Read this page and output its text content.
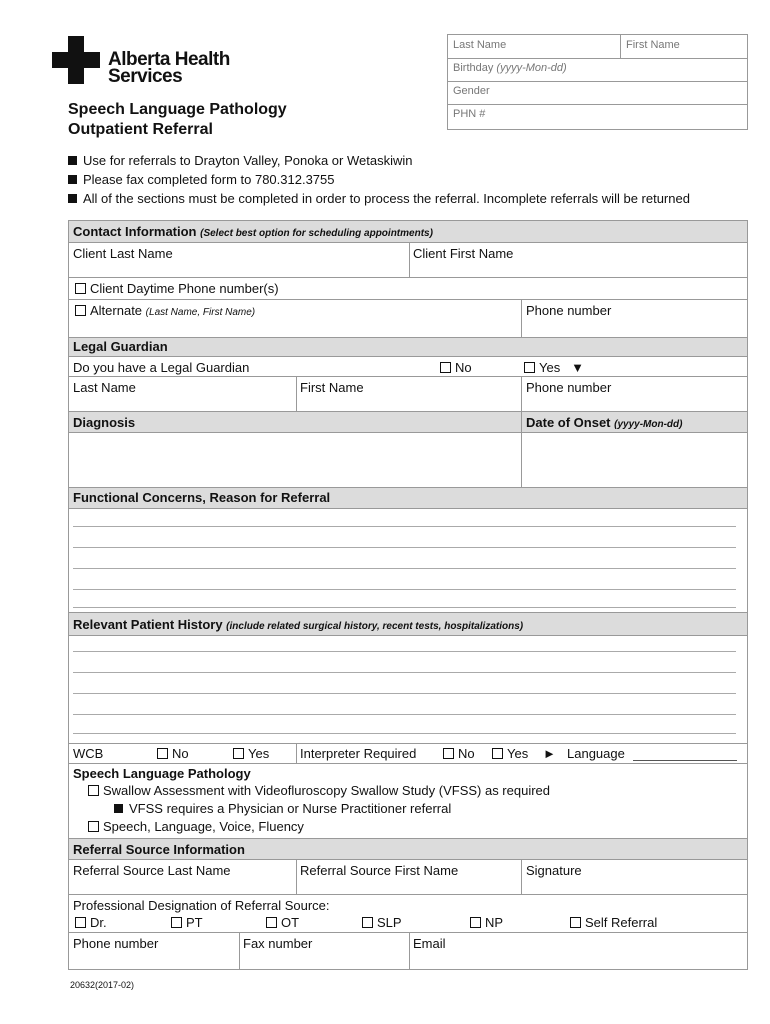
Alberta Health
Services
Speech Language Pathology
Outpatient Referral
Last Name	First Name
Birthday (yyyy-Mon-dd)
Gender
PHN #
Use for referrals to Drayton Valley, Ponoka or Wetaskiwin
Please fax completed form to 780.312.3755
All of the sections must be completed in order to process the referral. Incomplete referrals will be returned
Contact Information (Select best option for scheduling appointments)
Client Last Name	Client First Name
Client Daytime Phone number(s)
Alternate (Last Name, First Name)	Phone number
Legal Guardian
Do you have a Legal Guardian	No	Yes ▼
Last Name	First Name	Phone number
Diagnosis	Date of Onset (yyyy-Mon-dd)
Functional Concerns, Reason for Referral
Relevant Patient History (include related surgical history, recent tests, hospitalizations)
WCB	No	Yes Interpreter Required	No	Yes ► Language
Speech Language Pathology
Swallow Assessment with Videofluroscopy Swallow Study (VFSS) as required
VFSS requires a Physician or Nurse Practitioner referral
Speech, Language, Voice, Fluency
Referral Source Information
Referral Source Last Name	Referral Source First Name	Signature
Professional Designation of Referral Source:
Dr.	PT	OT	SLP	NP	Self Referral
Phone number	Fax number	Email
20632(2017-02)
